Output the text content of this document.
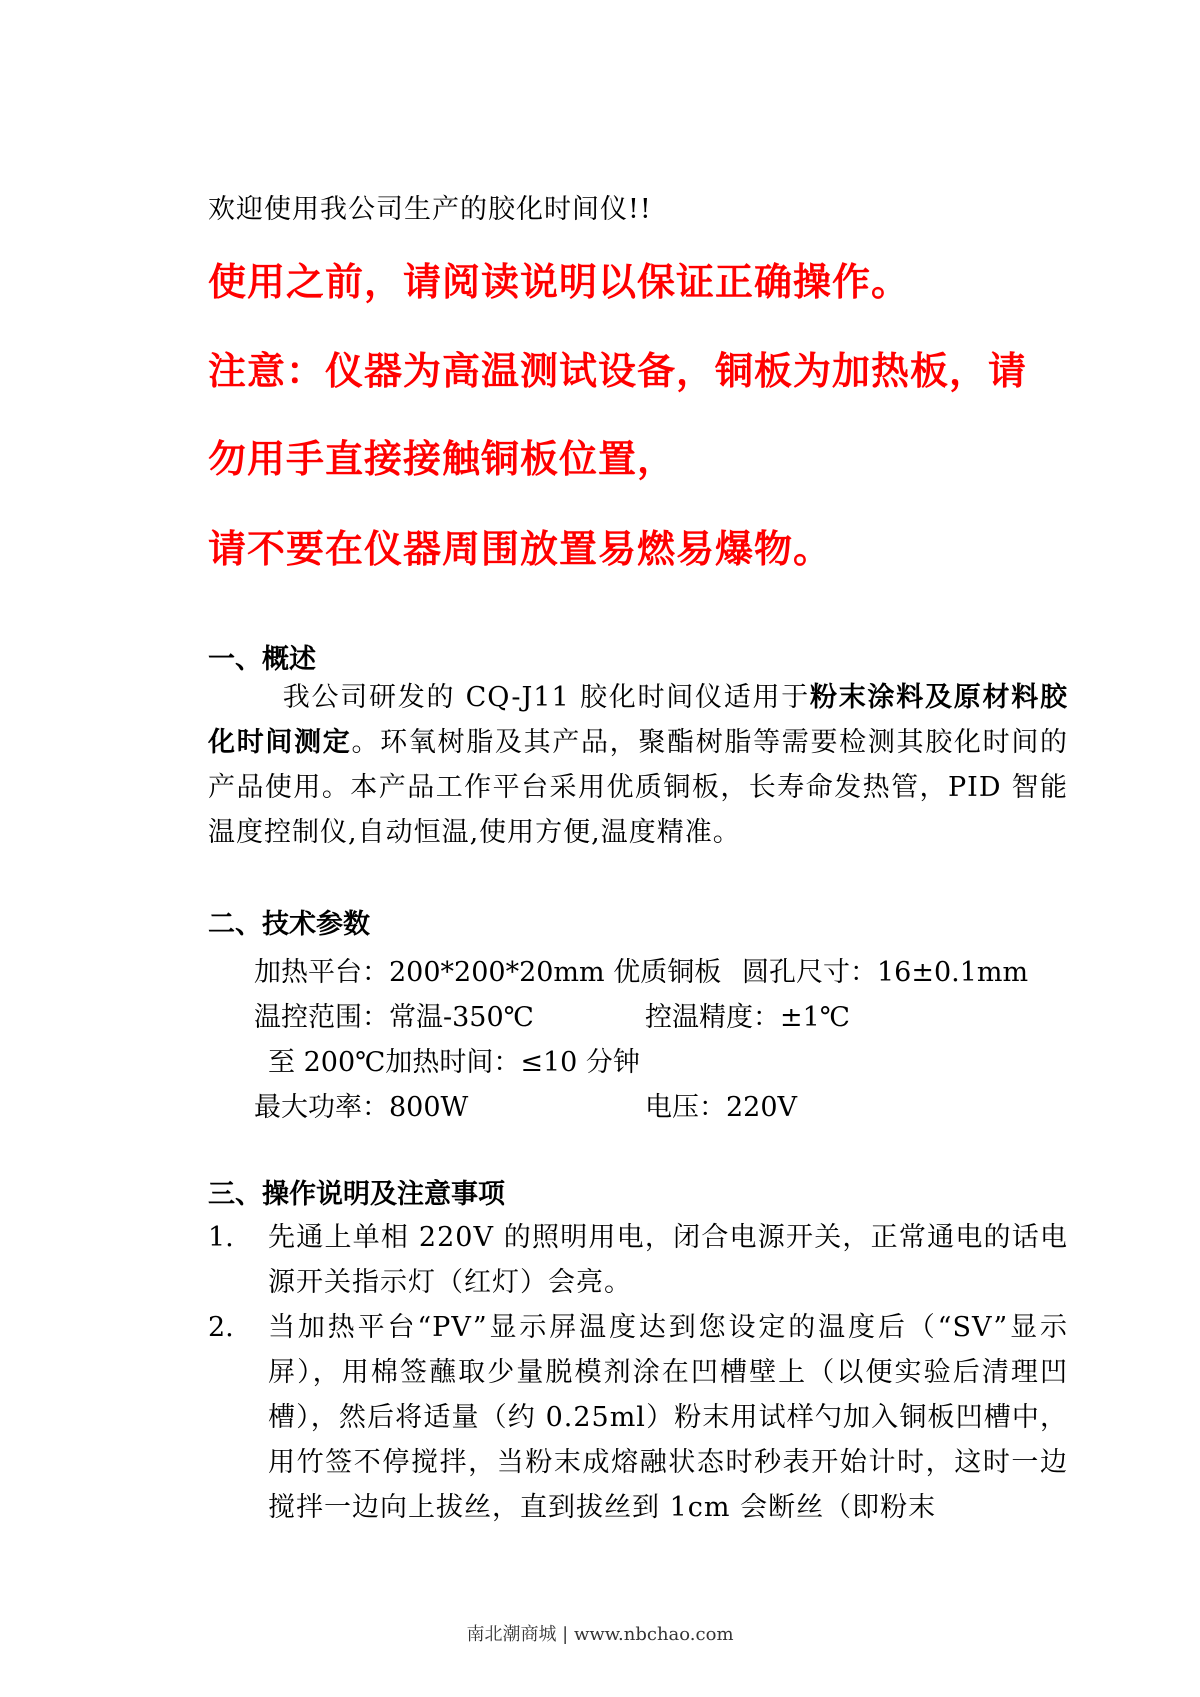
欢迎使用我公司生产的胶化时间仪!!
使用之前，请阅读说明以保证正确操作。
注意：仪器为高温测试设备，铜板为加热板，请
勿用手直接接触铜板位置，
请不要在仪器周围放置易燃易爆物。
一、概述
我公司研发的 CQ-J11 胶化时间仪适用于粉末涂料及原材料胶化时间测定。环氧树脂及其产品，聚酯树脂等需要检测其胶化时间的产品使用。本产品工作平台采用优质铜板，长寿命发热管，PID 智能温度控制仪,自动恒温,使用方便,温度精准。
二、技术参数
加热平台：200*200*20mm 优质铜板 圆孔尺寸：16±0.1mm
温控范围：常温-350℃	控温精度：±1℃
至 200℃加热时间：≤10 分钟
最大功率：800W	电压：220V
三、操作说明及注意事项
1. 先通上单相 220V 的照明用电，闭合电源开关，正常通电的话电源开关指示灯（红灯）会亮。
2. 当加热平台“PV”显示屏温度达到您设定的温度后（“SV”显示屏），用棉签蘸取少量脱模剂涂在凹槽壁上（以便实验后清理凹槽），然后将适量（约 0.25ml）粉末用试样勺加入铜板凹槽中，用竹签不停搅拌，当粉末成熔融状态时秒表开始计时，这时一边搅拌一边向上拔丝，直到拔丝到 1cm 会断丝（即粉末
南北潮商城 | www.nbchao.com
